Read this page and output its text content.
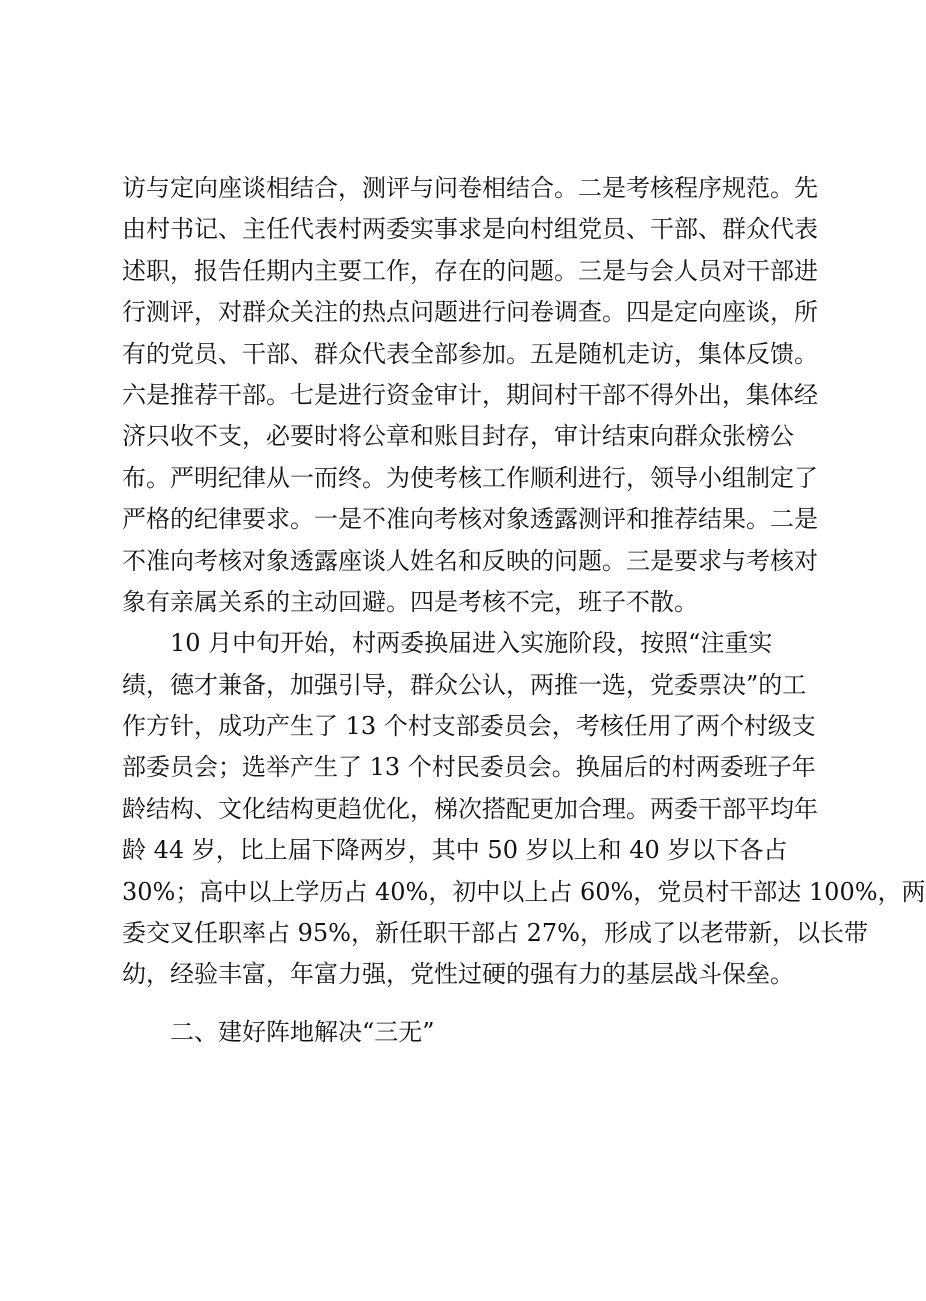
访与定向座谈相结合，测评与问卷相结合。二是考核程序规范。先
由村书记、主任代表村两委实事求是向村组党员、干部、群众代表
述职，报告任期内主要工作，存在的问题。三是与会人员对干部进
行测评，对群众关注的热点问题进行问卷调查。四是定向座谈，所
有的党员、干部、群众代表全部参加。五是随机走访，集体反馈。
六是推荐干部。七是进行资金审计，期间村干部不得外出，集体经
济只收不支，必要时将公章和账目封存，审计结束向群众张榜公
布。严明纪律从一而终。为使考核工作顺利进行，领导小组制定了
严格的纪律要求。一是不准向考核对象透露测评和推荐结果。二是
不准向考核对象透露座谈人姓名和反映的问题。三是要求与考核对
象有亲属关系的主动回避。四是考核不完，班子不散。
10 月中旬开始，村两委换届进入实施阶段，按照“注重实
绩，德才兼备，加强引导，群众公认，两推一选，党委票决”的工
作方针，成功产生了 13 个村支部委员会，考核任用了两个村级支
部委员会；选举产生了 13 个村民委员会。换届后的村两委班子年
龄结构、文化结构更趋优化，梯次搭配更加合理。两委干部平均年
龄 44 岁，比上届下降两岁，其中 50 岁以上和 40 岁以下各占
30%；高中以上学历占 40%，初中以上占 60%，党员村干部达 100%，两
委交叉任职率占 95%，新任职干部占 27%，形成了以老带新，以长带
幼，经验丰富，年富力强，党性过硬的强有力的基层战斗保垒。
二、建好阵地解决“三无”
